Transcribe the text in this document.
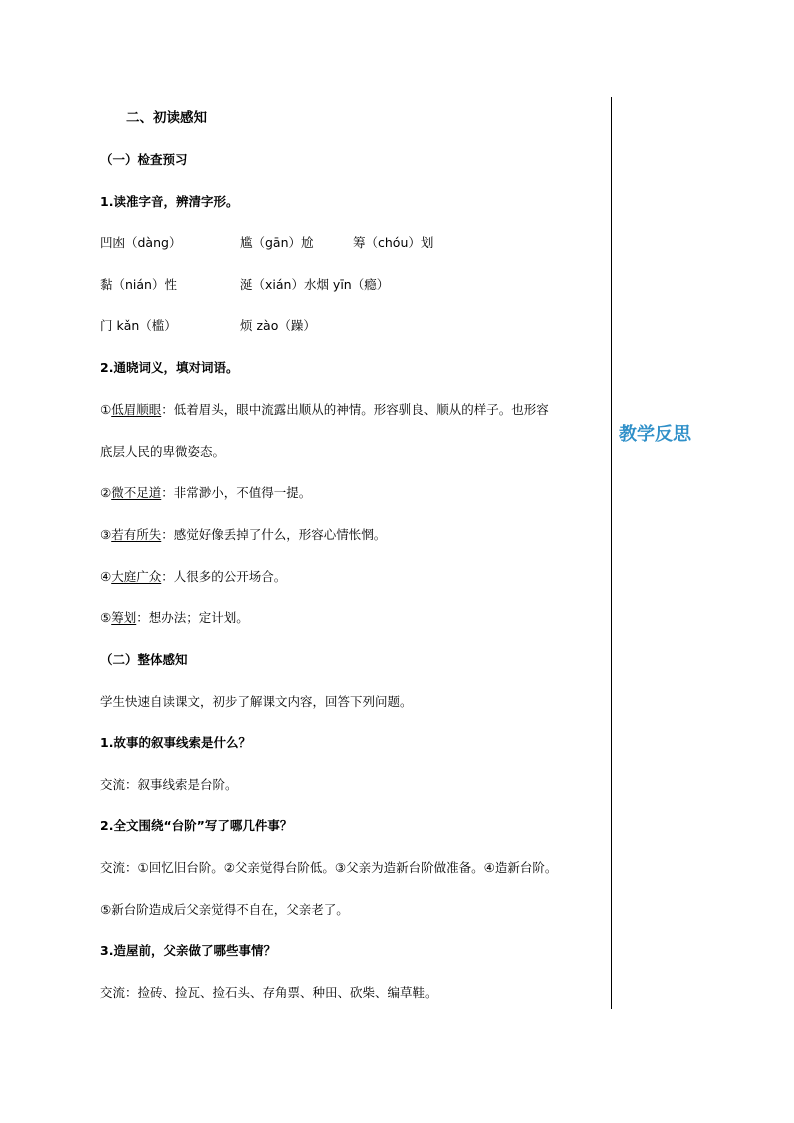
二、初读感知
（一）检查预习
1.读准字音，辨清字形。
凹凼（dàng）	尴（gān）尬	筹（chóu）划
黏（nián）性	涎（xián）水烟 yīn（瘾）
门 kǎn（槛）	烦 zào（躁）
2.通晓词义，填对词语。
①低眉顺眼：低着眉头，眼中流露出顺从的神情。形容驯良、顺从的样子。也形容
底层人民的卑微姿态。
②微不足道：非常渺小，不值得一提。
③若有所失：感觉好像丢掉了什么，形容心情怅惘。
④大庭广众：人很多的公开场合。
⑤筹划：想办法；定计划。
（二）整体感知
学生快速自读课文，初步了解课文内容，回答下列问题。
1.故事的叙事线索是什么？
交流：叙事线索是台阶。
2.全文围绕“台阶”写了哪几件事？
交流：①回忆旧台阶。②父亲觉得台阶低。③父亲为造新台阶做准备。④造新台阶。
⑤新台阶造成后父亲觉得不自在，父亲老了。
3.造屋前，父亲做了哪些事情？
交流：捡砖、捡瓦、捡石头、存角票、种田、砍柴、编草鞋。
教学反思
